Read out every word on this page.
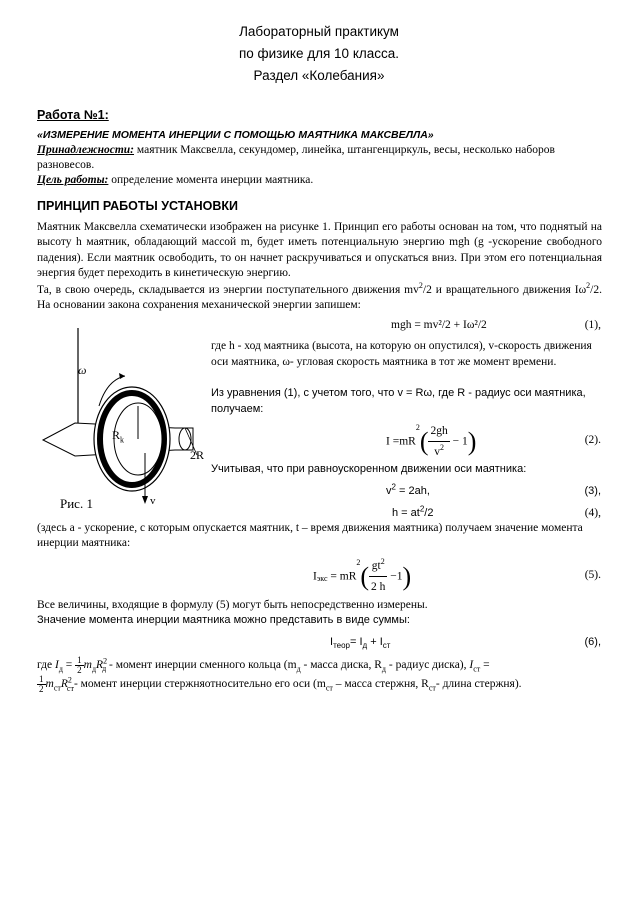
Лабораторный практикум
по физике для 10 класса.
Раздел «Колебания»
Работа №1:
«ИЗМЕРЕНИЕ МОМЕНТА ИНЕРЦИИ С ПОМОЩЬЮ МАЯТНИКА МАКСВЕЛЛА»
Принадлежности: маятник Максвелла, секундомер, линейка, штангенциркуль, весы, несколько наборов разновесов.
Цель работы: определение момента инерции маятника.
ПРИНЦИП РАБОТЫ УСТАНОВКИ
Маятник Максвелла схематически изображен на рисунке 1. Принцип его работы основан на том, что поднятый на высоту h маятник, обладающий массой m, будет иметь потенциальную энергию mgh (g -ускорение свободного падения). Если маятник освободить, то он начнет раскручиваться и опускаться вниз. При этом его потенциальная энергия будет переходить в кинетическую энергию.
Та, в свою очередь, складывается из энергии поступательного движения $mv^2/2$ и вращательного движения $I\omega^2/2$. На основании закона сохранения механической энергии запишем:
mgh = mv²/2 + Iω²/2	(1),
ω
$R_k$
2R
v
Рис. 1
где h - ход маятника (высота, на которую он опустился), v-скорость движения оси маятника, ω- угловая скорость маятника в тот же момент времени.
Из уравнения (1), с учетом того, что v = Rω, где R - радиус оси маятника, получаем:
$I =mR^2( \frac{2gh}{v^2} - 1)$	(2).
Учитывая, что при равноускоренном движении оси маятника:
$v^2 = 2ah$,	(3),
$h = at^2/2$	(4),
(здесь a - ускорение, с которым опускается маятник, t – время движения маятника) получаем значение момента инерции маятника:
$I_{экс} = mR^2( \frac{gt^2}{2 h} -1)$	(5).
Все величины, входящие в формулу (5) могут быть непосредственно измерены.
Значение момента инерции маятника можно представить в виде суммы:
$I_{теор}= I_д + I_{ст}$	(6),
где $I_д = \frac{1}{2} m_дR^2_д$ - момент инерции сменного кольца ($m_д$ - масса диска, $R_д$ - радиус диска), $I_{ст}$ =

$\frac{1}{2} m_{ст}R^2_{ст}-$ момент инерции стержняотносительно его оси ($m_{ст}$ – масса стержня, $R_{ст}-$ длина стержня).
